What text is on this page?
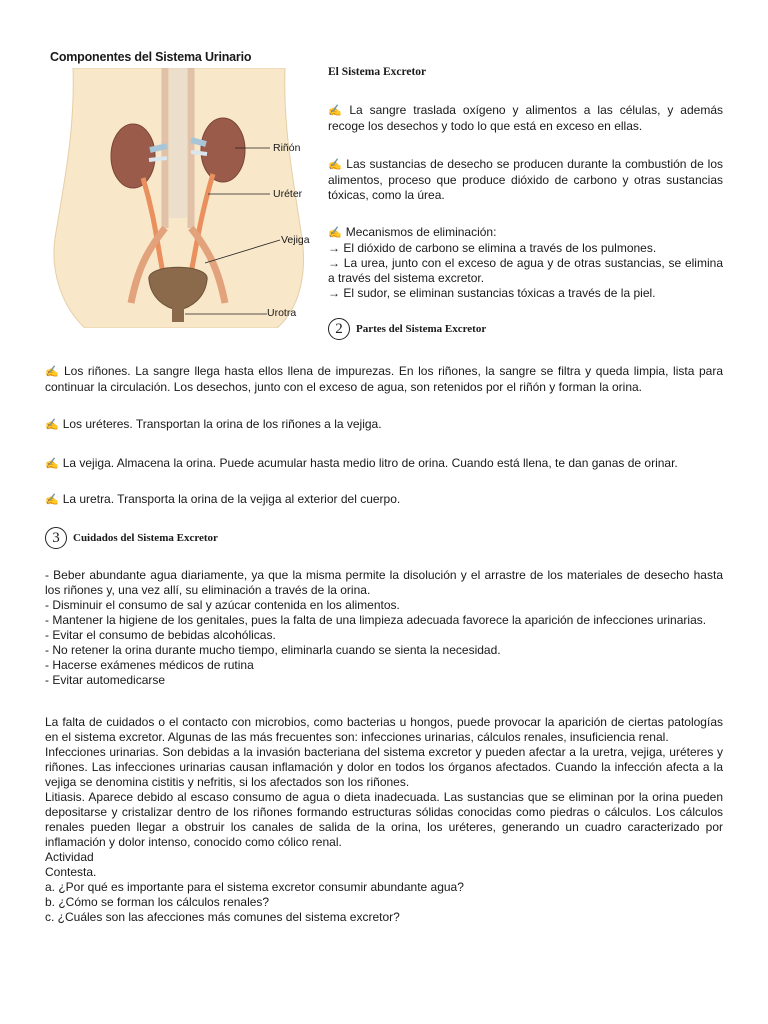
Componentes del Sistema Urinario
Riñón
Uréter
Vejiga
Urotra
El Sistema Excretor
✍ La sangre traslada oxígeno y alimentos a las células, y además recoge los desechos y todo lo que está en exceso en ellas.
✍ Las sustancias de desecho se producen durante la combustión de los alimentos, proceso que produce dióxido de carbono y otras sustancias tóxicas, como la úrea.
✍ Mecanismos de eliminación:
→ El dióxido de carbono se elimina a través de los pulmones.
→ La urea, junto con el exceso de agua y de otras sustancias, se elimina a través del sistema excretor.
→ El sudor, se eliminan sustancias tóxicas a través de la piel.
2 Partes del Sistema Excretor
✍ Los riñones. La sangre llega hasta ellos llena de impurezas. En los riñones, la sangre se filtra y queda limpia, lista para continuar la circulación. Los desechos, junto con el exceso de agua, son retenidos por el riñón y forman la orina.
✍ Los uréteres. Transportan la orina de los riñones a la vejiga.
✍ La vejiga. Almacena la orina. Puede acumular hasta medio litro de orina. Cuando está llena, te dan ganas de orinar.
✍ La uretra. Transporta la orina de la vejiga al exterior del cuerpo.
3 Cuidados del Sistema Excretor
- Beber abundante agua diariamente, ya que la misma permite la disolución y el arrastre de los materiales de desecho hasta los riñones y, una vez allí, su eliminación a través de la orina.
- Disminuir el consumo de sal y azúcar contenida en los alimentos.
- Mantener la higiene de los genitales, pues la falta de una limpieza adecuada favorece la aparición de infecciones urinarias.
- Evitar el consumo de bebidas alcohólicas.
- No retener la orina durante mucho tiempo, eliminarla cuando se sienta la necesidad.
- Hacerse exámenes médicos de rutina
- Evitar automedicarse
La falta de cuidados o el contacto con microbios, como bacterias u hongos, puede provocar la aparición de ciertas patologías en el sistema excretor. Algunas de las más frecuentes son: infecciones urinarias, cálculos renales, insuficiencia renal.
Infecciones urinarias. Son debidas a la invasión bacteriana del sistema excretor y pueden afectar a la uretra, vejiga, uréteres y riñones. Las infecciones urinarias causan inflamación y dolor en todos los órganos afectados. Cuando la infección afecta a la vejiga se denomina cistitis y nefritis, si los afectados son los riñones.
Litiasis. Aparece debido al escaso consumo de agua o dieta inadecuada. Las sustancias que se eliminan por la orina pueden depositarse y cristalizar dentro de los riñones formando estructuras sólidas conocidas como piedras o cálculos. Los cálculos renales pueden llegar a obstruir los canales de salida de la orina, los uréteres, generando un cuadro caracterizado por inflamación y dolor intenso, conocido como cólico renal.
Actividad
Contesta.
a. ¿Por qué es importante para el sistema excretor consumir abundante agua?
b. ¿Cómo se forman los cálculos renales?
c. ¿Cuáles son las afecciones más comunes del sistema excretor?
